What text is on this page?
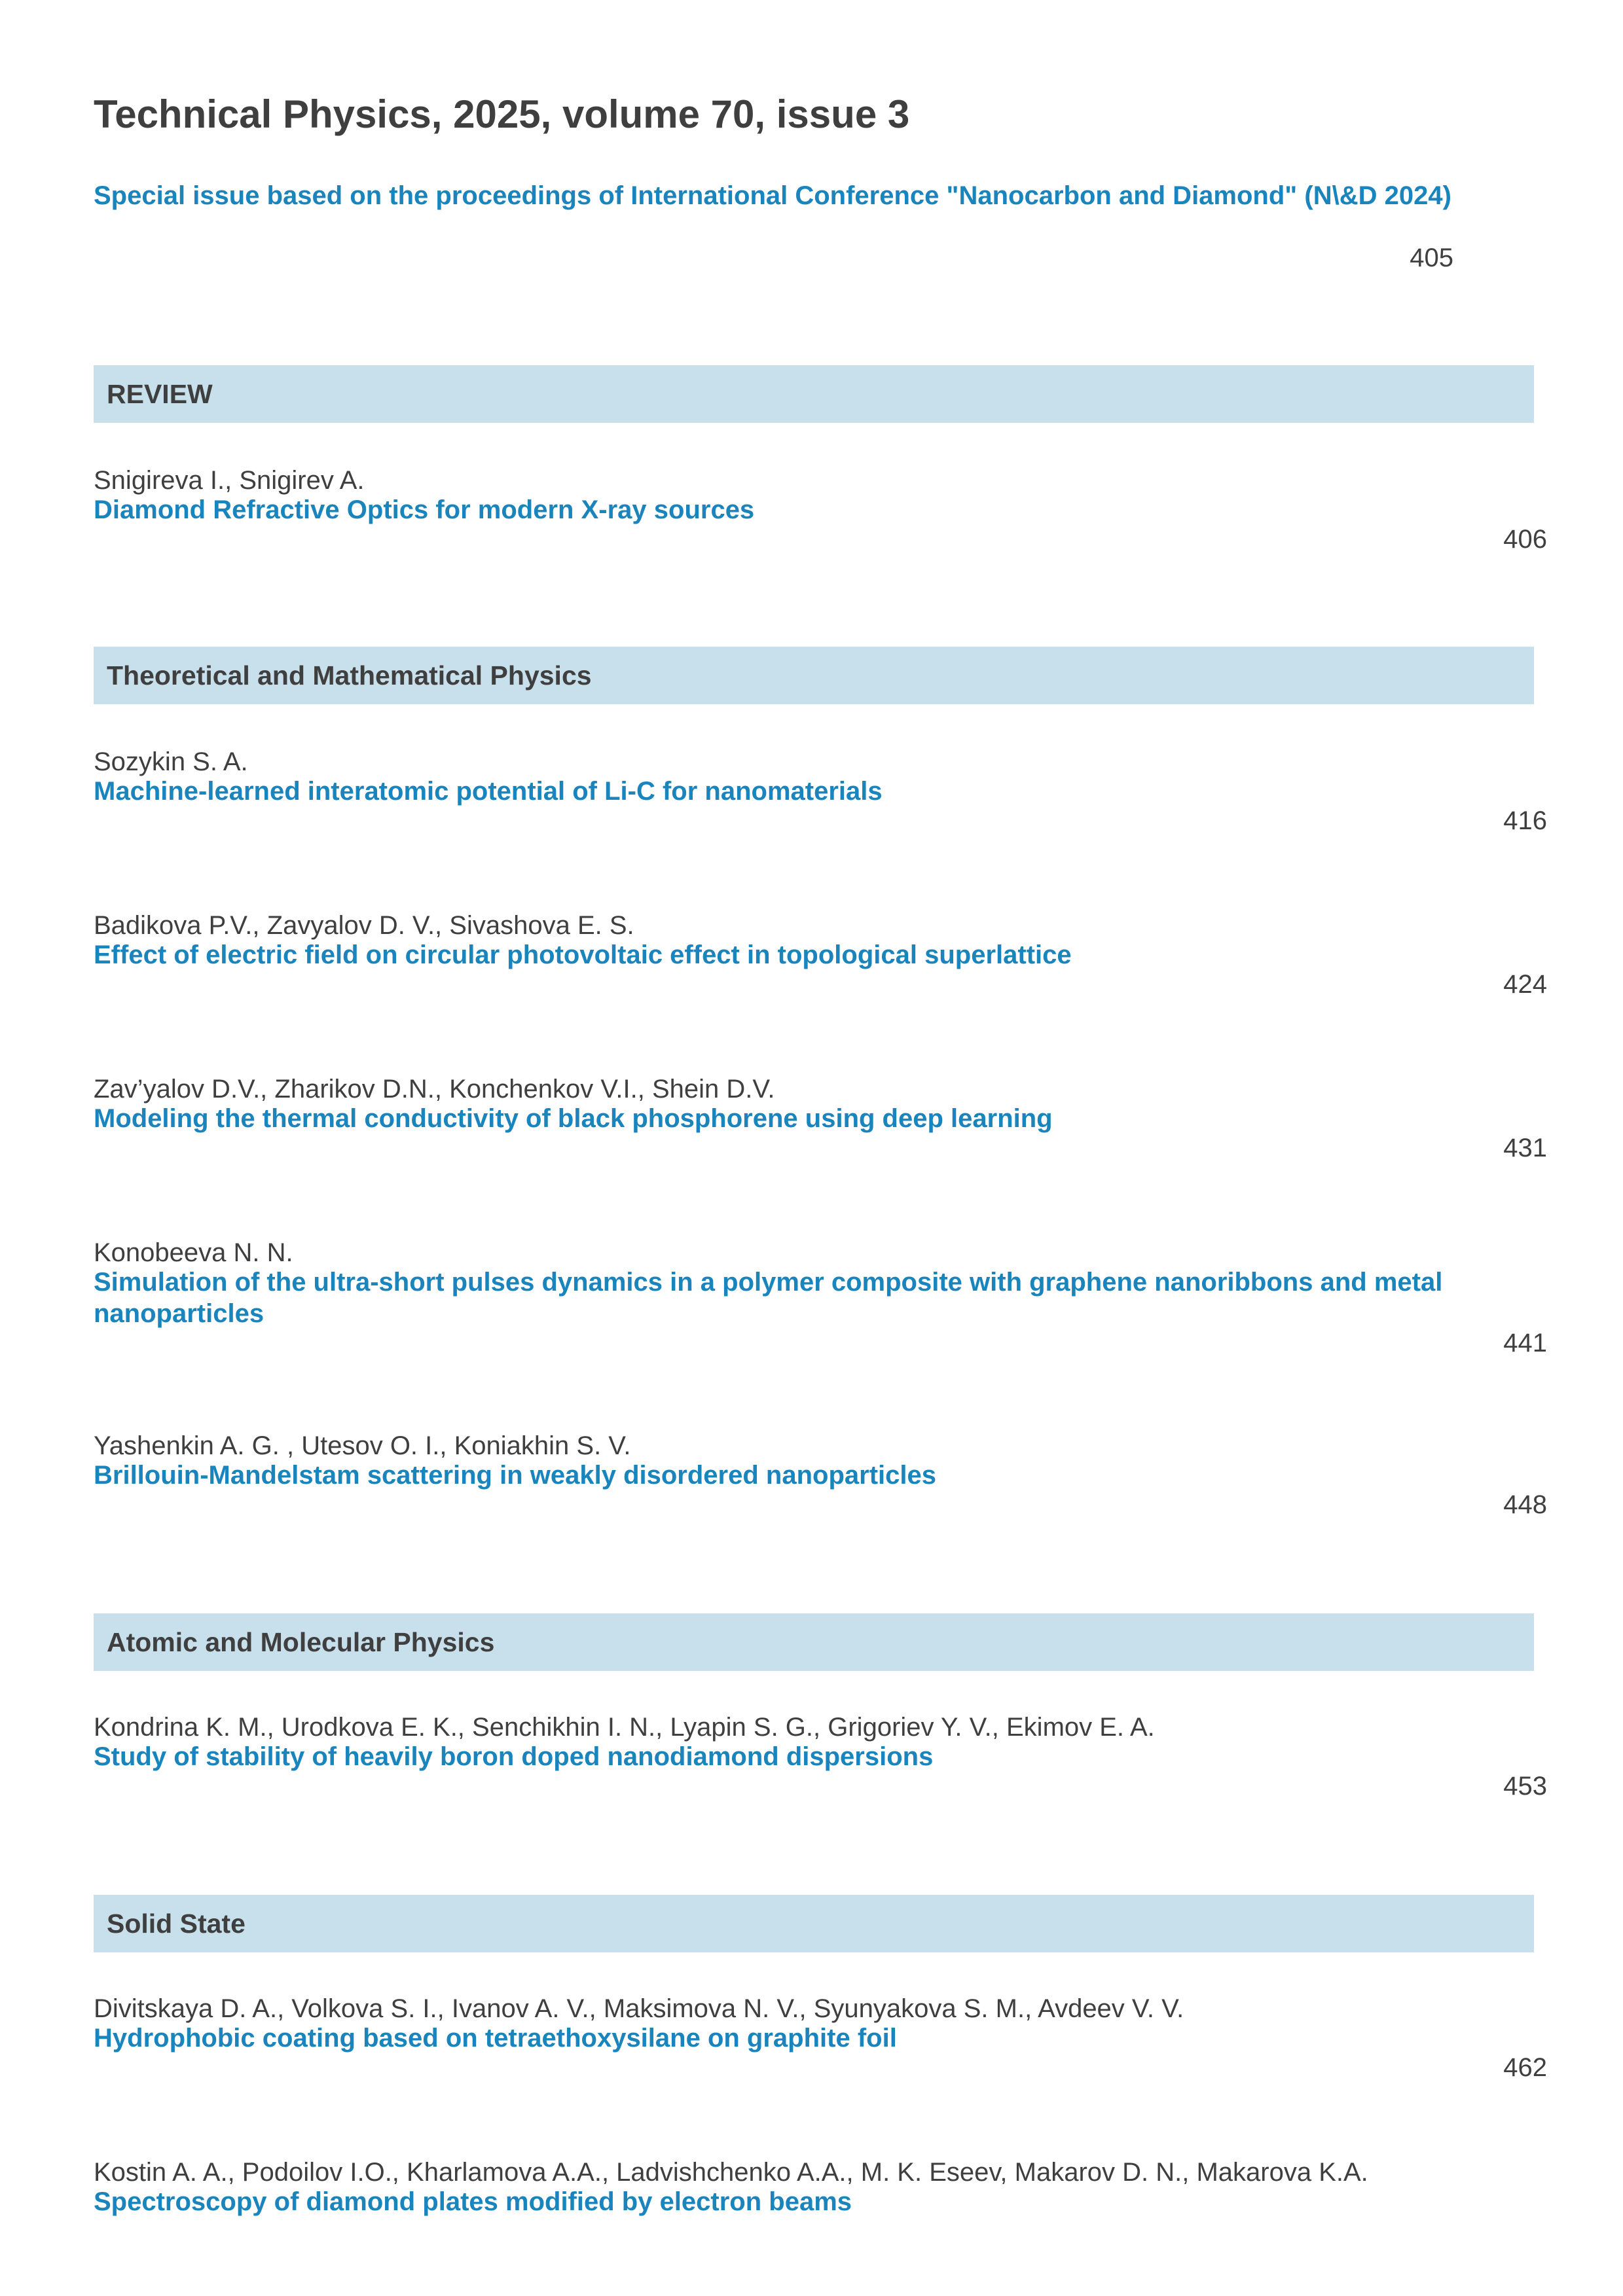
Technical Physics, 2025, volume 70, issue 3
Special issue based on the proceedings of International Conference "Nanocarbon and Diamond" (N\&D 2024)
405
REVIEW
Snigireva I., Snigirev A.
Diamond Refractive Optics for modern X-ray sources
406
Theoretical and Mathematical Physics
Sozykin S. A.
Machine-learned interatomic potential of Li-C for nanomaterials
416
Badikova P.V., Zavyalov D. V., Sivashova E. S.
Effect of electric field on circular photovoltaic effect in topological superlattice
424
Zav’yalov D.V., Zharikov D.N., Konchenkov V.I., Shein D.V.
Modeling the thermal conductivity of black phosphorene using deep learning
431
Konobeeva N. N.
Simulation of the ultra-short pulses dynamics in a polymer composite with graphene nanoribbons and metal nanoparticles
441
Yashenkin A. G. , Utesov O. I., Koniakhin S. V.
Brillouin-Mandelstam scattering in weakly disordered nanoparticles
448
Atomic and Molecular Physics
Kondrina K. M., Urodkova E. K., Senchikhin I. N., Lyapin S. G., Grigoriev Y. V., Ekimov E. A.
Study of stability of heavily boron doped nanodiamond dispersions
453
Solid State
Divitskaya D. A., Volkova S. I., Ivanov A. V., Maksimova N. V., Syunyakova S. M., Avdeev V. V.
Hydrophobic coating based on tetraethoxysilane on graphite foil
462
Kostin A. A., Podoilov I.O., Kharlamova A.A., Ladvishchenko A.A., M. K. Eseev, Makarov D. N., Makarova K.A.
Spectroscopy of diamond plates modified by electron beams
